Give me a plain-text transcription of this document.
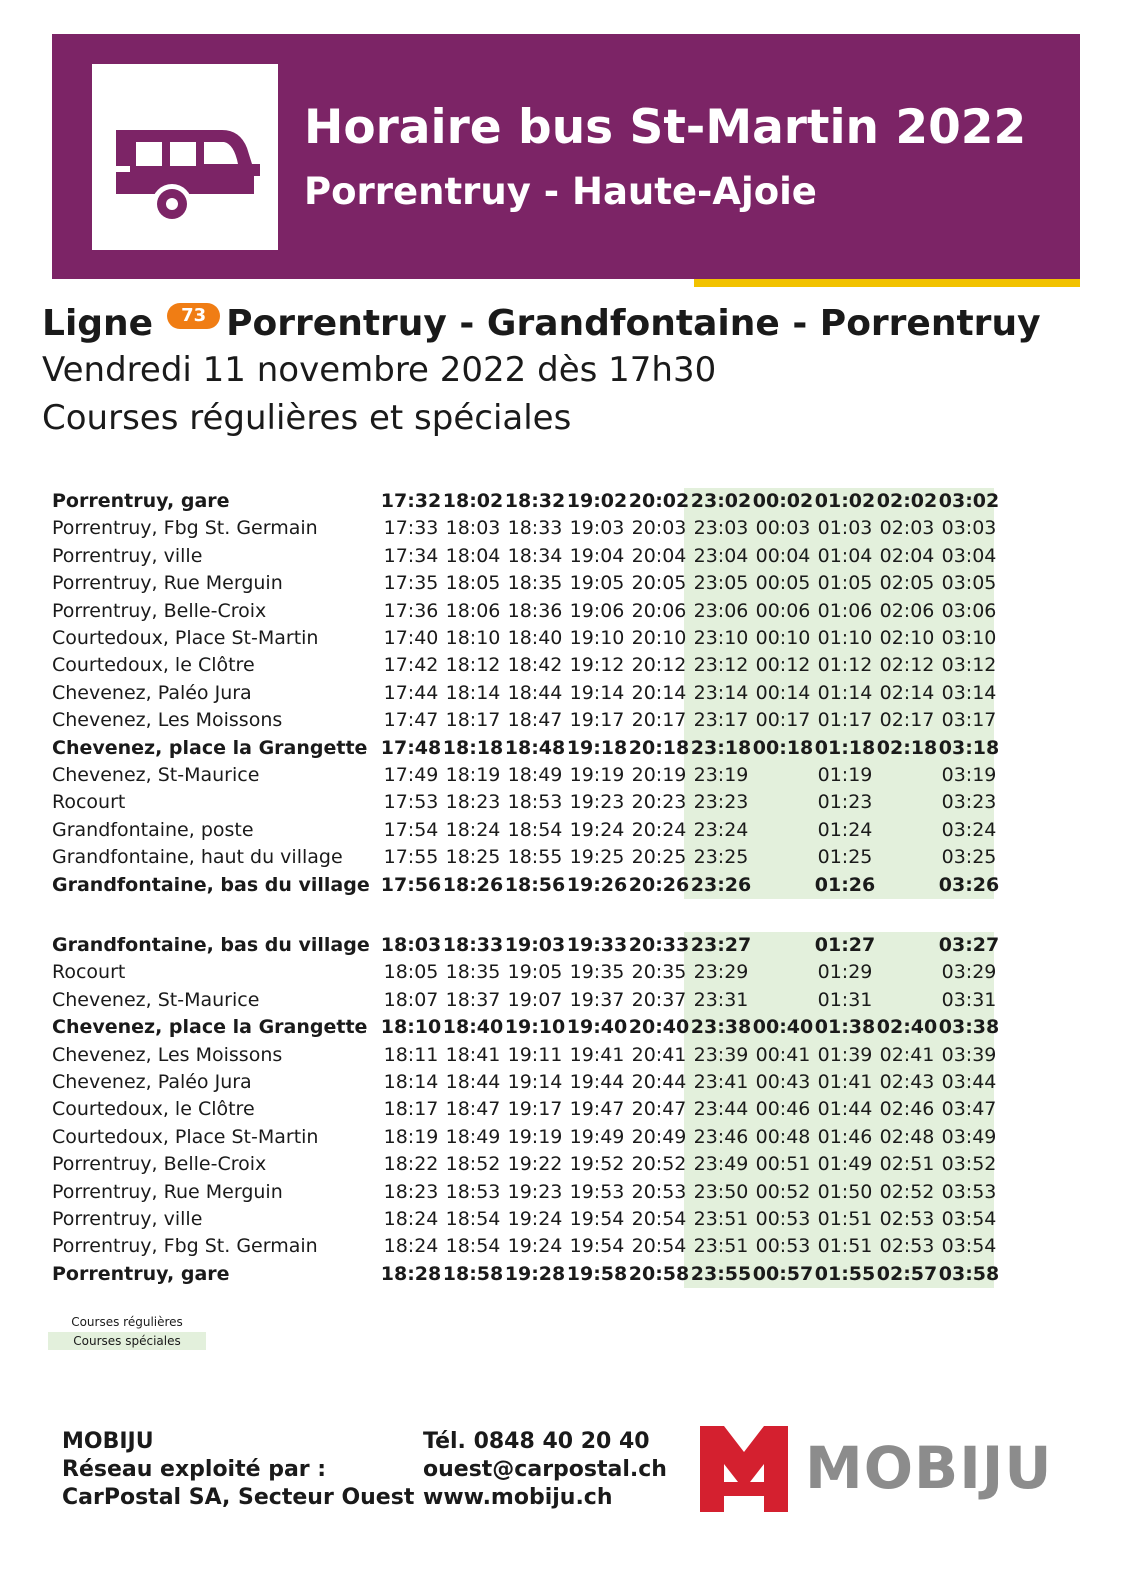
Horaire bus St-Martin 2022
Porrentruy - Haute-Ajoie
Ligne	73 Porrentruy - Grandfontaine - Porrentruy
Vendredi 11 novembre 2022 dès 17h30
Courses régulières et spéciales
Porrentruy, gare	17:32	18:02	18:32	19:02	20:02	23:02	00:02	01:02	02:02	03:02
Porrentruy, Fbg St. Germain	17:33	18:03	18:33	19:03	20:03	23:03	00:03	01:03	02:03	03:03
Porrentruy, ville	17:34	18:04	18:34	19:04	20:04	23:04	00:04	01:04	02:04	03:04
Porrentruy, Rue Merguin	17:35	18:05	18:35	19:05	20:05	23:05	00:05	01:05	02:05	03:05
Porrentruy, Belle-Croix	17:36	18:06	18:36	19:06	20:06	23:06	00:06	01:06	02:06	03:06
Courtedoux, Place St-Martin	17:40	18:10	18:40	19:10	20:10	23:10	00:10	01:10	02:10	03:10
Courtedoux, le Clôtre	17:42	18:12	18:42	19:12	20:12	23:12	00:12	01:12	02:12	03:12
Chevenez, Paléo Jura	17:44	18:14	18:44	19:14	20:14	23:14	00:14	01:14	02:14	03:14
Chevenez, Les Moissons	17:47	18:17	18:47	19:17	20:17	23:17	00:17	01:17	02:17	03:17
Chevenez, place la Grangette	17:48	18:18	18:48	19:18	20:18	23:18	00:18	01:18	02:18	03:18
Chevenez, St-Maurice	17:49	18:19	18:49	19:19	20:19	23:19		01:19		03:19
Rocourt	17:53	18:23	18:53	19:23	20:23	23:23		01:23		03:23
Grandfontaine, poste	17:54	18:24	18:54	19:24	20:24	23:24		01:24		03:24
Grandfontaine, haut du village	17:55	18:25	18:55	19:25	20:25	23:25		01:25		03:25
Grandfontaine, bas du village	17:56	18:26	18:56	19:26	20:26	23:26		01:26		03:26
Grandfontaine, bas du village	18:03	18:33	19:03	19:33	20:33	23:27		01:27		03:27
Rocourt	18:05	18:35	19:05	19:35	20:35	23:29		01:29		03:29
Chevenez, St-Maurice	18:07	18:37	19:07	19:37	20:37	23:31		01:31		03:31
Chevenez, place la Grangette	18:10	18:40	19:10	19:40	20:40	23:38	00:40	01:38	02:40	03:38
Chevenez, Les Moissons	18:11	18:41	19:11	19:41	20:41	23:39	00:41	01:39	02:41	03:39
Chevenez, Paléo Jura	18:14	18:44	19:14	19:44	20:44	23:41	00:43	01:41	02:43	03:44
Courtedoux, le Clôtre	18:17	18:47	19:17	19:47	20:47	23:44	00:46	01:44	02:46	03:47
Courtedoux, Place St-Martin	18:19	18:49	19:19	19:49	20:49	23:46	00:48	01:46	02:48	03:49
Porrentruy, Belle-Croix	18:22	18:52	19:22	19:52	20:52	23:49	00:51	01:49	02:51	03:52
Porrentruy, Rue Merguin	18:23	18:53	19:23	19:53	20:53	23:50	00:52	01:50	02:52	03:53
Porrentruy, ville	18:24	18:54	19:24	19:54	20:54	23:51	00:53	01:51	02:53	03:54
Porrentruy, Fbg St. Germain	18:24	18:54	19:24	19:54	20:54	23:51	00:53	01:51	02:53	03:54
Porrentruy, gare	18:28	18:58	19:28	19:58	20:58	23:55	00:57	01:55	02:57	03:58
Courses régulières
Courses spéciales
MOBIJU
Réseau exploité par :
CarPostal SA, Secteur Ouest
Tél. 0848 40 20 40
ouest@carpostal.ch
www.mobiju.ch	MOBIJU
